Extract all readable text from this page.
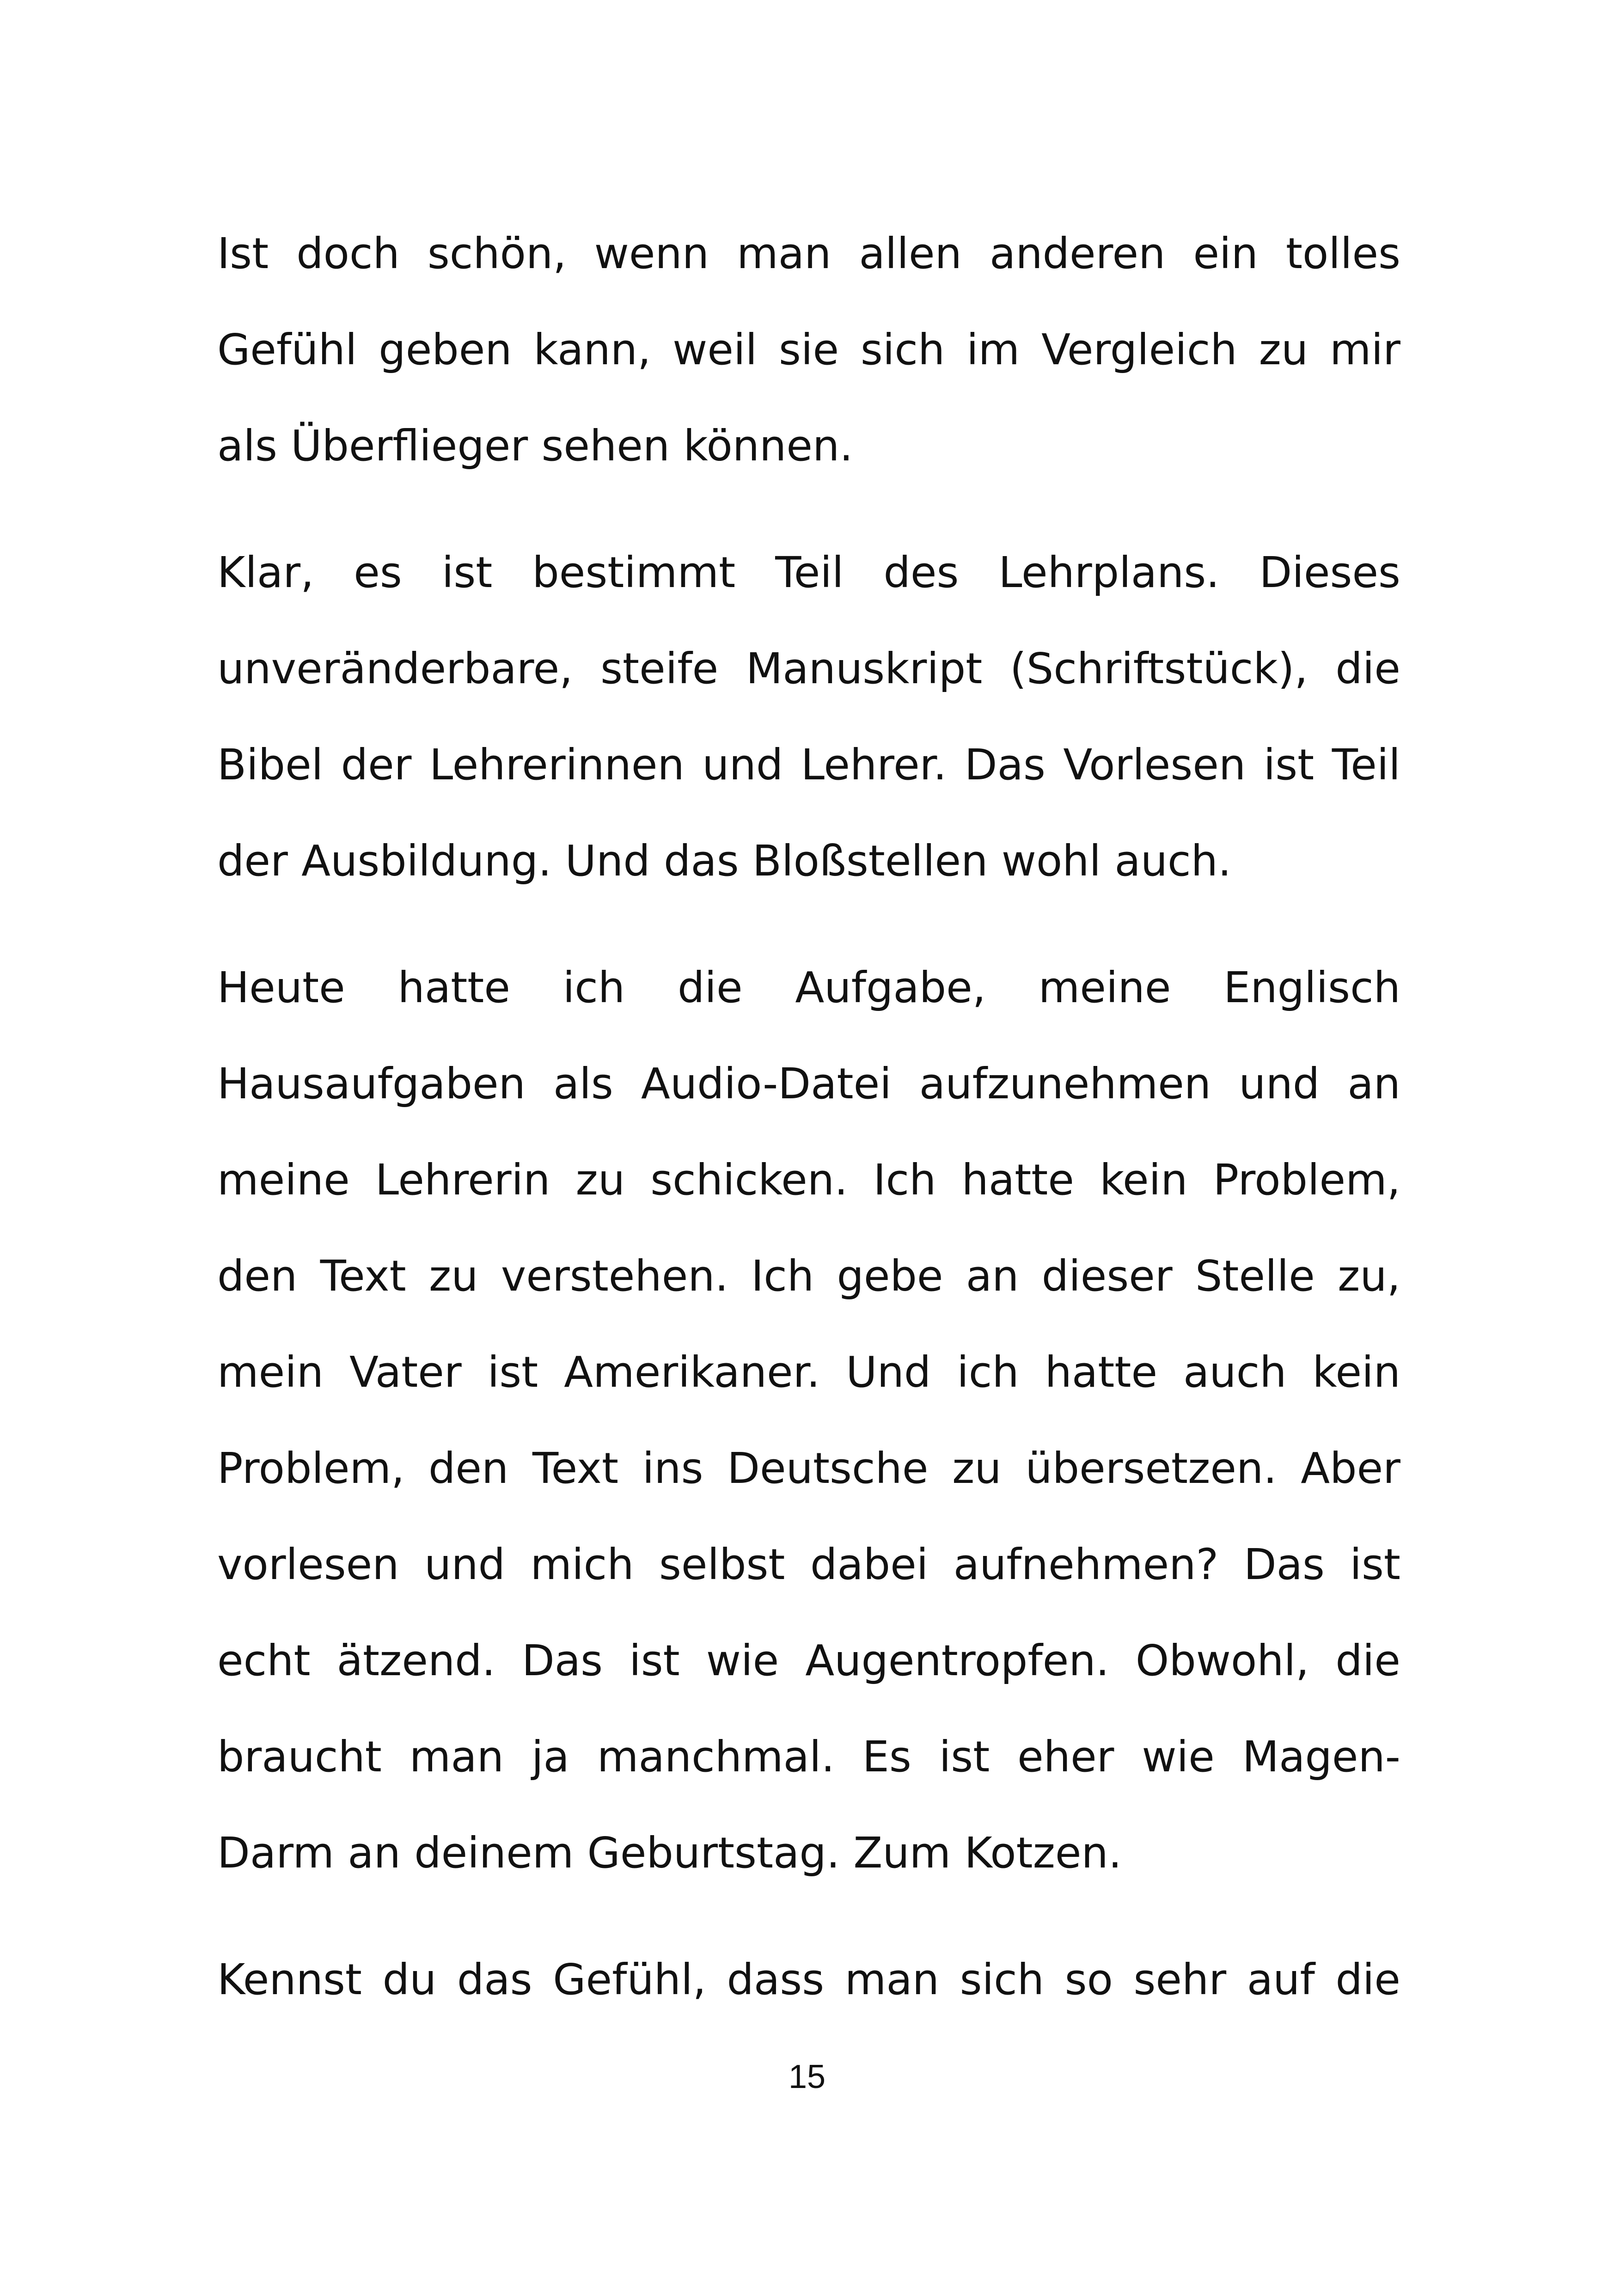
Ist doch schön, wenn man allen anderen ein tolles Gefühl geben kann, weil sie sich im Vergleich zu mir als Überflieger sehen können.

Klar, es ist bestimmt Teil des Lehrplans. Dieses unveränderbare, steife Manuskript (Schriftstück), die Bibel der Lehrerinnen und Lehrer. Das Vorlesen ist Teil der Ausbildung. Und das Bloßstellen wohl auch.

Heute hatte ich die Aufgabe, meine Englisch Hausaufgaben als Audio-Datei aufzunehmen und an meine Lehrerin zu schicken. Ich hatte kein Problem, den Text zu verstehen. Ich gebe an dieser Stelle zu, mein Vater ist Amerikaner. Und ich hatte auch kein Problem, den Text ins Deutsche zu übersetzen. Aber vorlesen und mich selbst dabei aufnehmen? Das ist echt ätzend. Das ist wie Augentropfen. Obwohl, die braucht man ja manchmal. Es ist eher wie Magen-Darm an deinem Geburtstag. Zum Kotzen.

Kennst du das Gefühl, dass man sich so sehr auf die

15
